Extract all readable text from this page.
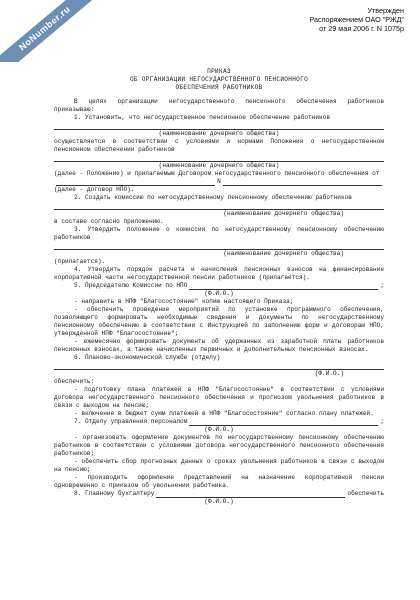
NoNumber.ru	Утвержден
Распоряжением ОАО "РЖД"
от 29 мая 2006 г. N 1075р
ПРИКАЗ
ОБ ОРГАНИЗАЦИИ НЕГОСУДАРСТВЕННОГО ПЕНСИОННОГО
ОБЕСПЕЧЕНИЯ РАБОТНИКОВ

В целях организации негосударственного пенсионного обеспечения работников приказываю:

1. Установить, что негосударственное пенсионное обеспечение работников

(наименование дочернего общества)

осуществляется в соответствии с условиями и нормами Положения о негосударственном пенсионном обеспечении работников

(наименование дочернего общества)

(далее - Положение) и прилагаемым Договором негосударственного пенсионного обеспечения от

N

(далее - договор НПО).

2. Создать комиссию по негосударственному пенсионному обеспечению работников

(наименование дочернего общества)

в составе согласно приложению.

3. Утвердить положение о комиссии по негосударственному пенсионному обеспечению работников

(наименование дочернего общества)

(прилагается).

4. Утвердить порядок расчета и начисления пенсионных взносов на финансирование корпоративной части негосударственной пенсии работников (прилагается).

5. Председателю Комиссии по НПО	;

(Ф.И.О.)

- направить в НПФ "Благосостояние" копию настоящего Приказа;

- обеспечить проведение мероприятий по установке программного обеспечения, позволяющего формировать необходимые сведения и документы по негосударственному пенсионному обеспечению в соответствии с Инструкцией по заполнению форм и договорам НПО, утвержденной НПФ "Благосостояние";

- ежемесячно формировать документы об удержанных из заработной платы работников пенсионных взносах, а также начисленных первичных и дополнительных пенсионных взносах.

6. Планово-экономической службе (отделу)

(Ф.И.О.)

обеспечить:

- подготовку плана платежей в НПФ "Благосостояние" в соответствии с условиями договора негосударственного пенсионного обеспечения и прогнозом увольнения работников в связи с выходом на пенсию;

- включение в бюджет сумм платежей в НПФ "Благосостояние" согласно плану платежей.

7. Отделу управления персоналом	;

(Ф.И.О.)

- организовать оформление документов по негосударственному пенсионному обеспечению работников в соответствии с условиями договора негосударственного пенсионного обеспечения работников;

- обеспечить сбор прогнозных данных о сроках увольнения работников в связи с выходом на пенсию;

- производить оформление представлений на назначение корпоративной пенсии одновременно с приказом об увольнении работника.

8. Главному бухгалтеру	обеспечить

(Ф.И.О.)
